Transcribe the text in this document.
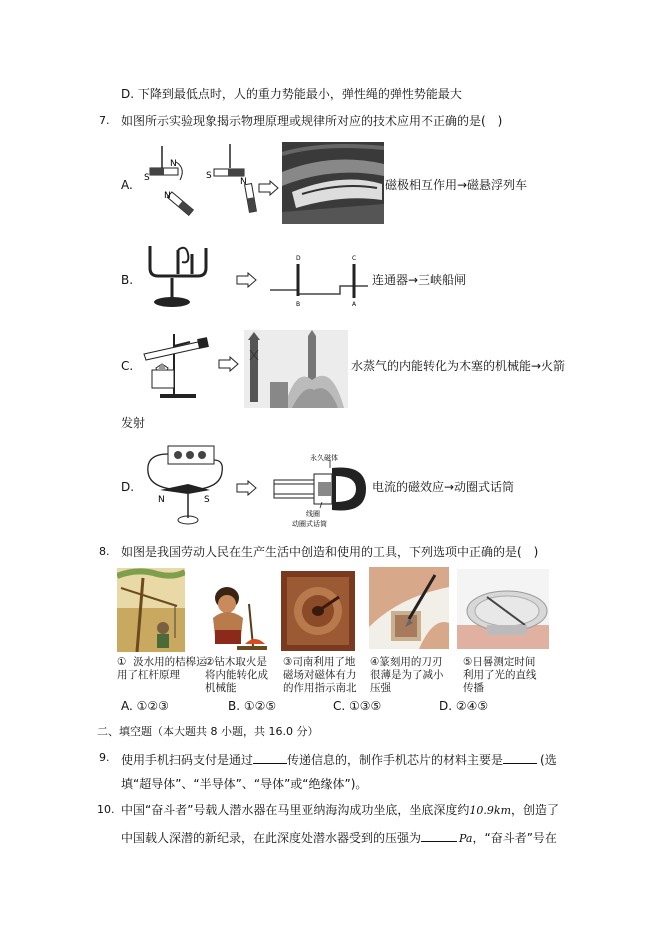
D. 下降到最低点时，人的重力势能最小，弹性绳的弹性势能最大
7. 如图所示实验现象揭示物理原理或规律所对应的技术应用不正确的是(　)
A. S
N
N
S
N	磁极相互作用→磁悬浮列车
B.
D	C
B	A
连通器→三峡船闸
C.	水蒸气的内能转化为木塞的机械能→火箭
发射
D.
N	S
永久磁体
线圈
动圈式话筒
电流的磁效应→动圈式话筒
8. 如图是我国劳动人民在生产生活中创造和使用的工具，下列选项中正确的是(　)
①  汲水用的桔槔运
用了杠杆原理
②钻木取火是
将内能转化成
机械能
③司南利用了地
磁场对磁体有力
的作用指示南北
④篆刻用的刀刃
很薄是为了减小
压强
⑤日晷测定时间
利用了光的直线
传播
A. ①②③	B. ①②⑤	C. ①③⑤	D. ②④⑤
二、填空题（本大题共 8 小题，共 16.0 分）
9. 使用手机扫码支付是通过	传递信息的，制作手机芯片的材料主要是	(选
填“超导体”、“半导体”、“导体”或“绝缘体”)。
10. 中国“奋斗者”号载人潜水器在马里亚纳海沟成功坐底，坐底深度约10.9km，创造了
中国载人深潜的新纪录，在此深度处潜水器受到的压强为	Pa，“奋斗者”号在
